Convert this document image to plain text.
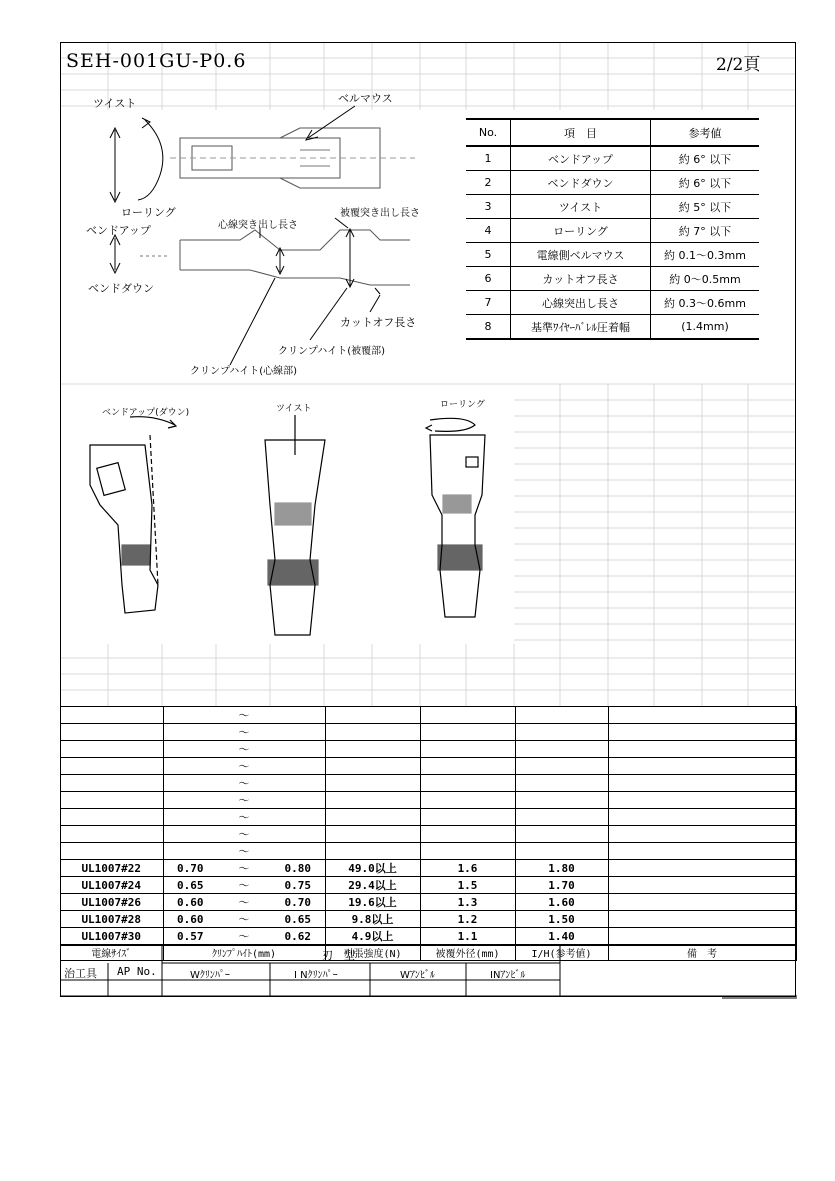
SEH-001GU-P0.6	2/2頁
ツイスト	ベルマウス
ローリング
ベンドアップ
ベンドダウン
心線突き出し長さ
被覆突き出し長さ
カットオフ長さ
クリンプハイト(被覆部)
クリンプハイト(心線部)
No.	項　目	参考値
1	ベンドアップ	約 6° 以下
2	ベンドダウン	約 6° 以下
3	ツイスト	約 5° 以下
4	ローリング	約 7° 以下
5	電線側ベルマウス	約 0.1～0.3mm
6	カットオフ長さ	約 0～0.5mm
7	心線突出し長さ	約 0.3～0.6mm
8	基準ﾜｲﾔｰﾊﾞﾚﾙ圧着幅	(1.4mm)
ベンドアップ(ダウン)	ツイスト	ローリング
		～					
		～					
		～					
		～					
		～					
		～					
		～					
		～					
		～					
UL1007#22	0.70	～	0.80	49.0以上	1.6	1.80	
UL1007#24	0.65	～	0.75	29.4以上	1.5	1.70	
UL1007#26	0.60	～	0.70	19.6以上	1.3	1.60	
UL1007#28	0.60	～	0.65	9.8以上	1.2	1.50	
UL1007#30	0.57	～	0.62	4.9以上	1.1	1.40	
電線ｻｲｽﾞ	ｸﾘﾝﾌﾟﾊｲﾄ(mm)			引張強度(N)	被覆外径(mm)	I/H(参考値)	備　考
刃　型
治工具 AP No.	Wｸﾘﾝﾊﾟｰ	I Nｸﾘﾝﾊﾟｰ	Wｱﾝﾋﾞﾙ	INｱﾝﾋﾞﾙ
